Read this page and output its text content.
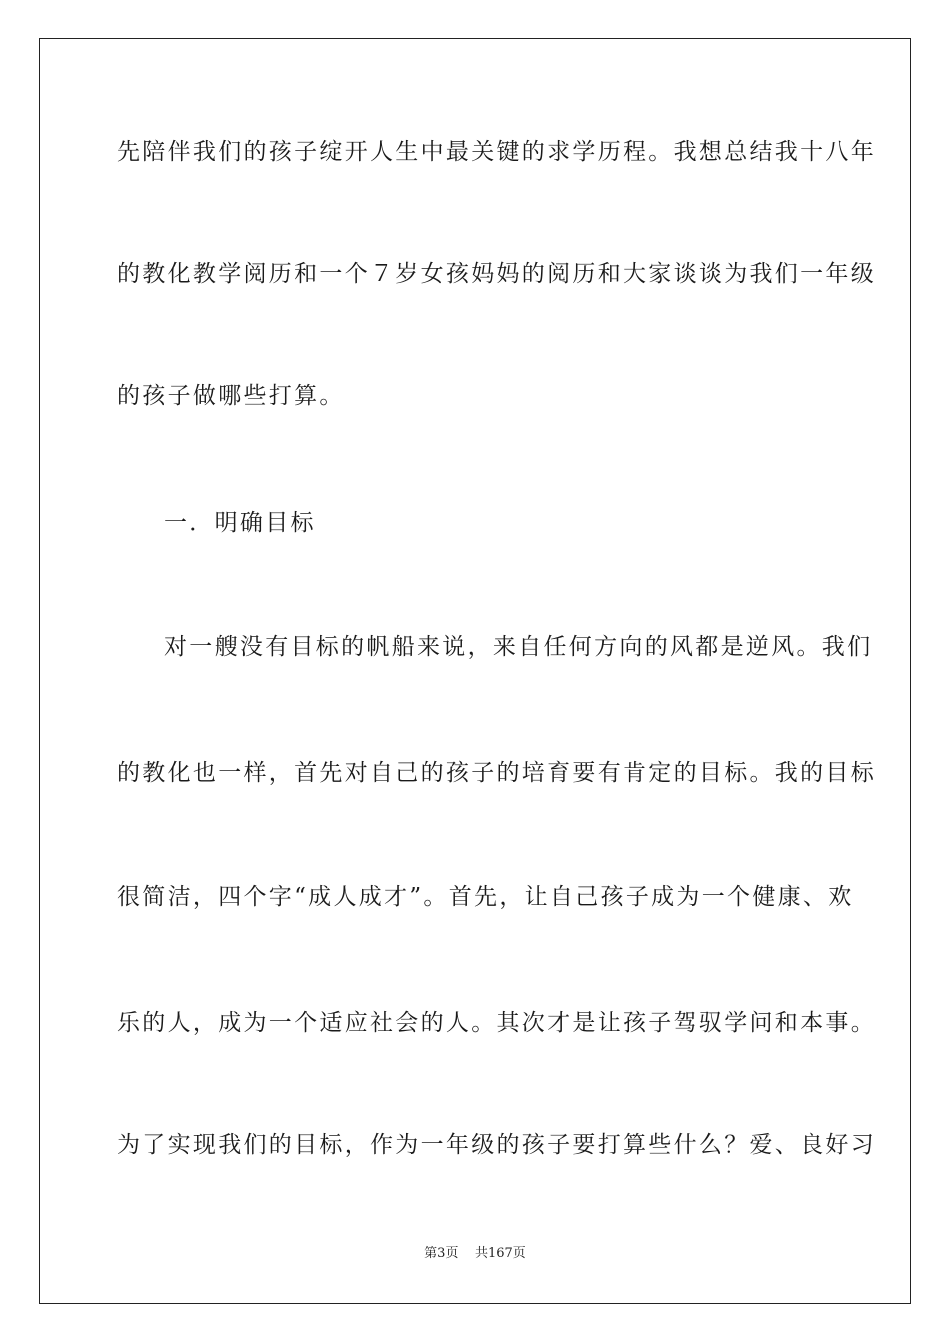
先陪伴我们的孩子绽开人生中最关键的求学历程。我想总结我十八年
的教化教学阅历和一个７岁女孩妈妈的阅历和大家谈谈为我们一年级
的孩子做哪些打算。
一．明确目标
对一艘没有目标的帆船来说，来自任何方向的风都是逆风。我们
的教化也一样，首先对自己的孩子的培育要有肯定的目标。我的目标
很简洁，四个字“成人成才”。首先，让自己孩子成为一个健康、欢
乐的人，成为一个适应社会的人。其次才是让孩子驾驭学问和本事。
为了实现我们的目标，作为一年级的孩子要打算些什么？爱、良好习
第3页 共167页
